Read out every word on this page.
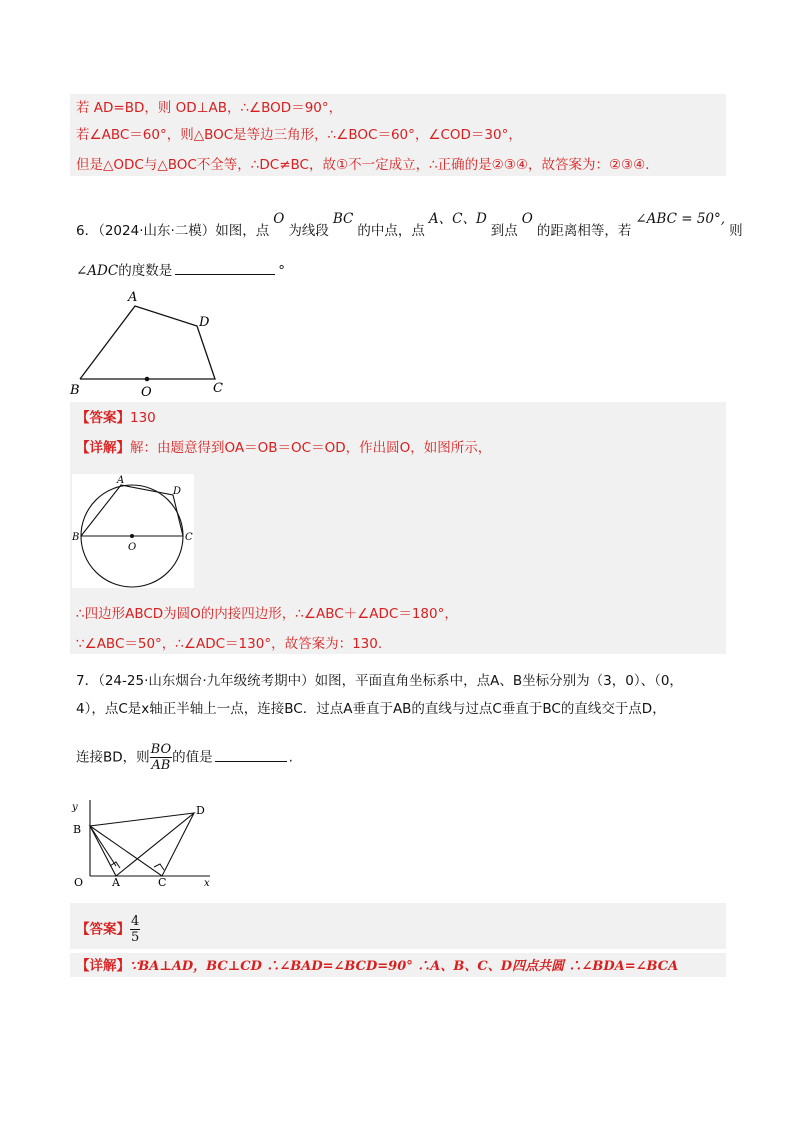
若 AD=BD，则 OD⊥AB，∴∠BOD＝90°，
若∠ABC＝60°，则△BOC是等边三角形，∴∠BOC＝60°，∠COD＝30°，
但是△ODC与△BOC不全等，∴DC≠BC，故①不一定成立，∴正确的是②③④，故答案为：②③④.
6．（2024·山东·二模）如图，点O为线段BC的中点，点A、C、D到点O的距离相等，若∠ABC = 50°,则
∠ADC的度数是	°
A
D
B	O	C
【答案】130
【详解】解：由题意得到OA＝OB＝OC＝OD，作出圆O，如图所示，
A
D
B
O
C
∴四边形ABCD为圆O的内接四边形，∴∠ABC＋∠ADC＝180°，
∵∠ABC＝50°，∴∠ADC＝130°，故答案为：130.
7．（24-25·山东烟台·九年级统考期中）如图，平面直角坐标系中，点A、B坐标分别为（3，0）、（0，
4），点C是x轴正半轴上一点，连接BC．过点A垂直于AB的直线与过点C垂直于BC的直线交于点D，
连接BD，则 $\frac{BO}{AB}$ 的值是	.
y
B
D
O	A	C	x
【答案】 $\frac{4}{5}$
【详解】∵BA⊥AD，BC⊥CD ∴∠BAD=∠BCD=90° ∴A、B、C、D四点共圆 ∴∠BDA=∠BCA
